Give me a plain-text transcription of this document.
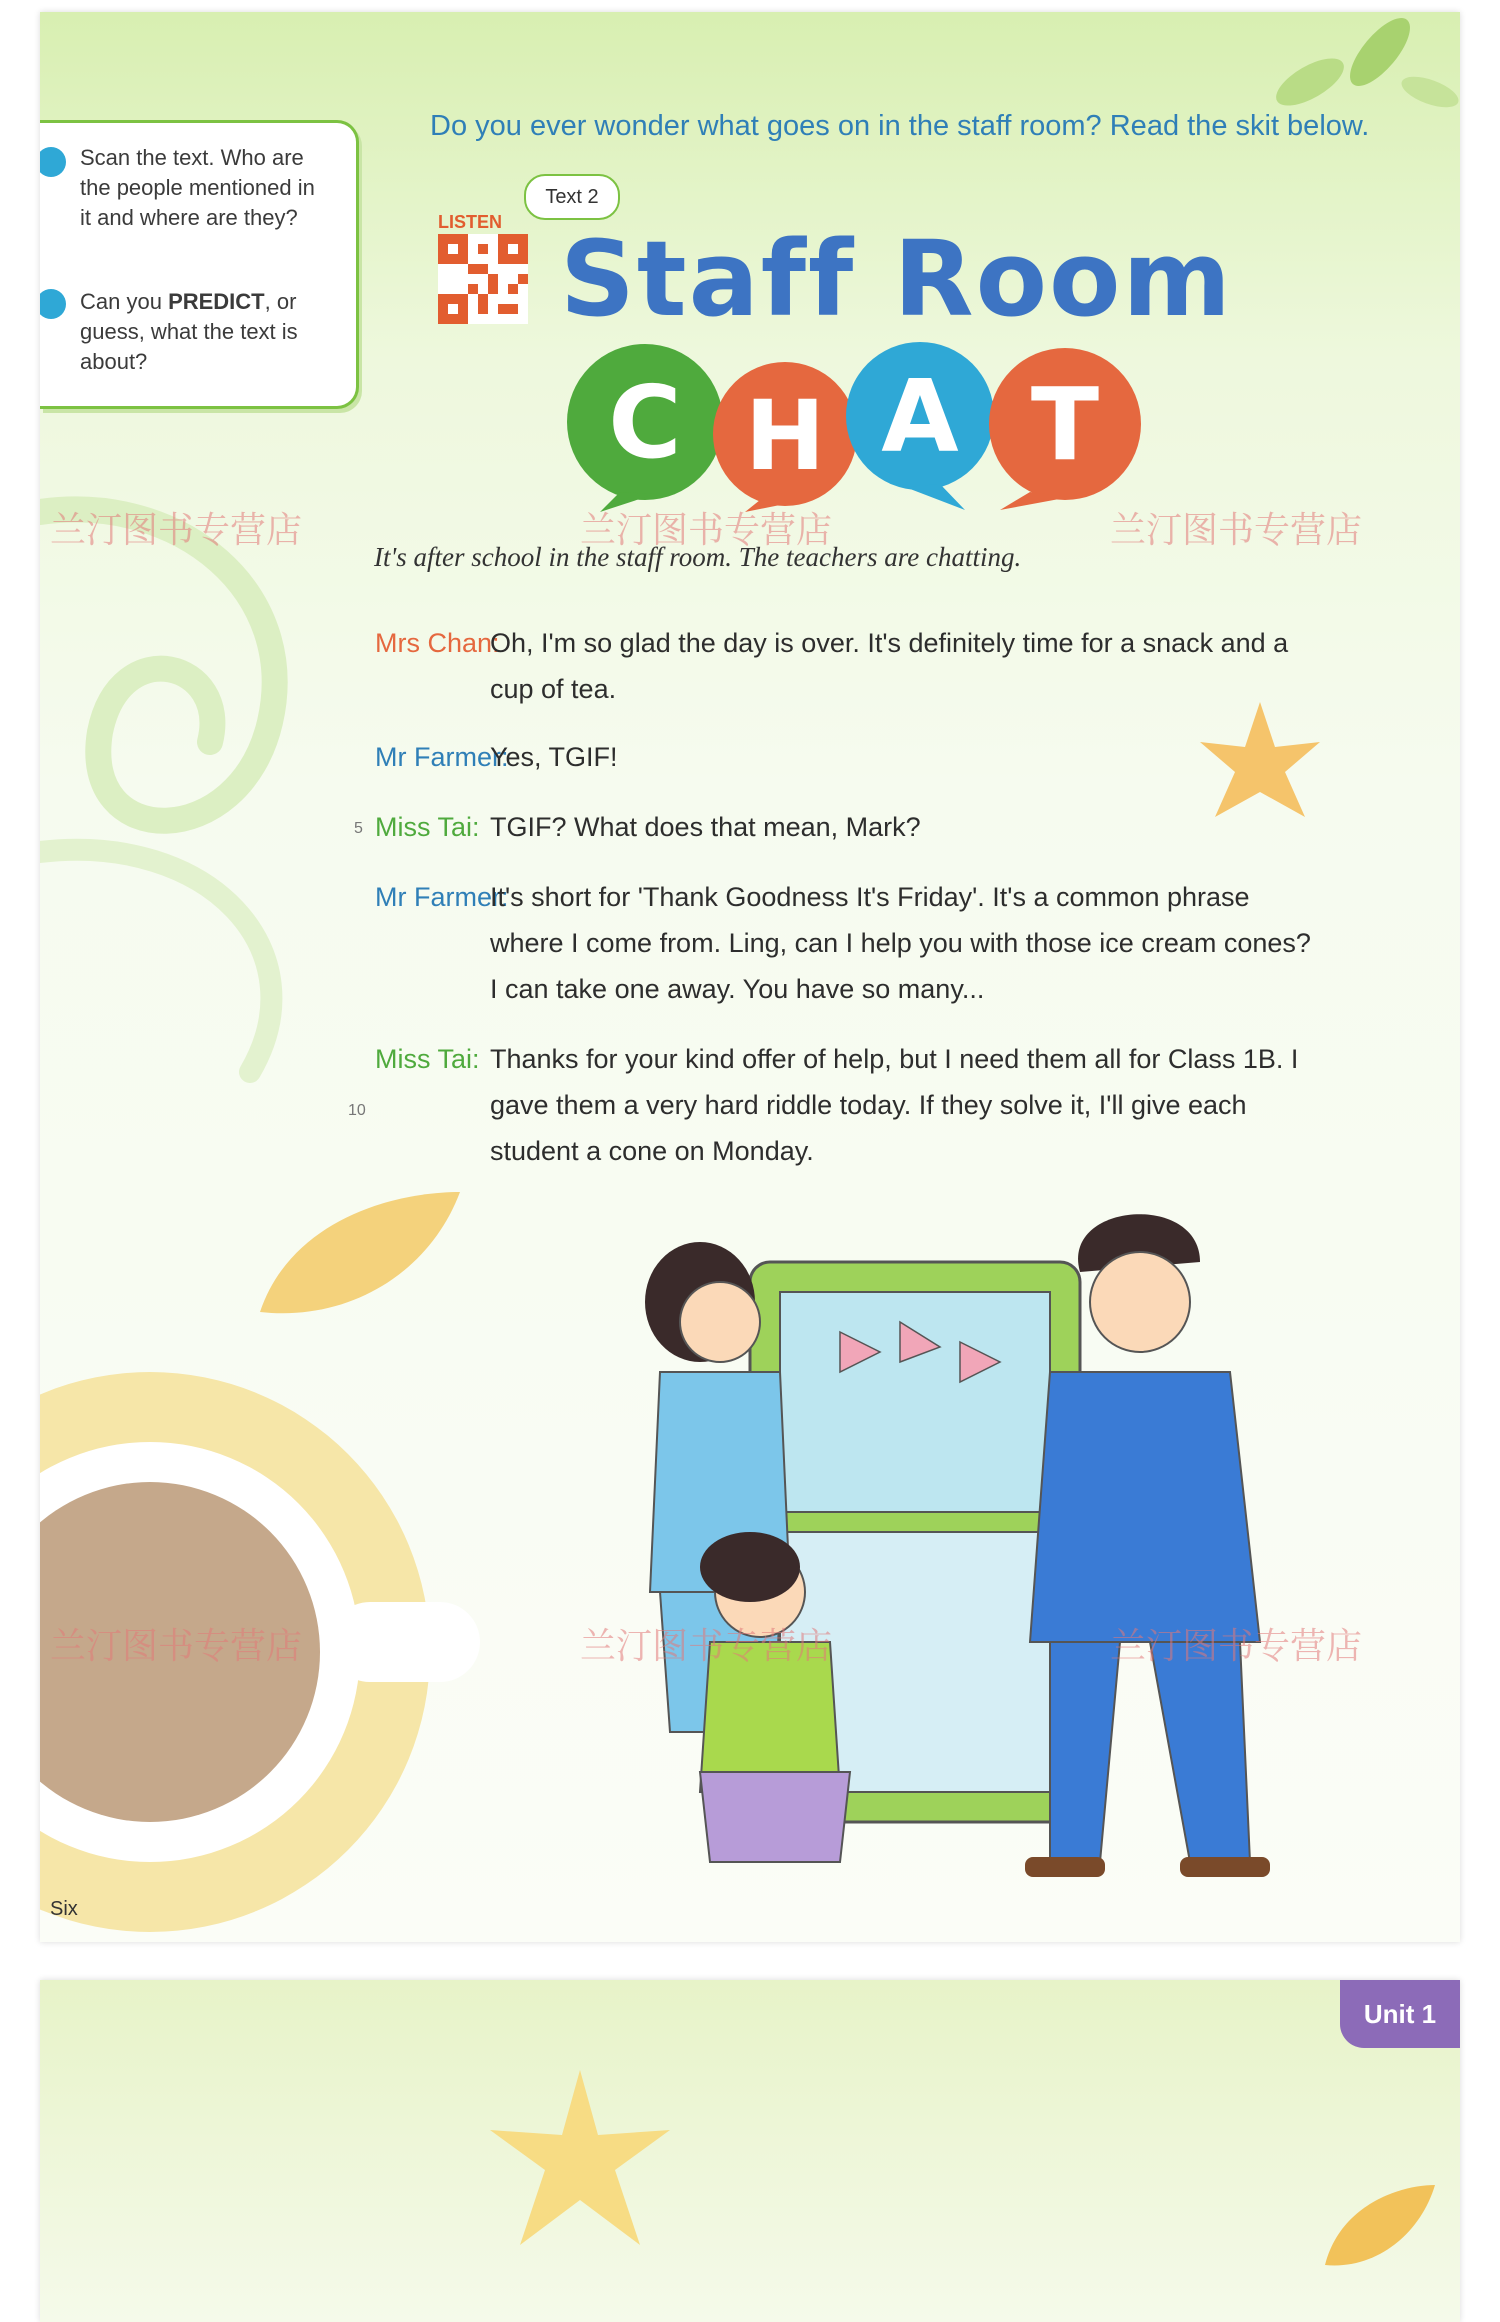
Scan the text. Who are the people mentioned in it and where are they?
Can you PREDICT, or guess, what the text is about?
Do you ever wonder what goes on in the staff room? Read the skit below.
LISTEN
Text 2
Staff Room
C H A T
兰汀图书专营店	兰汀图书专营店	兰汀图书专营店
It's after school in the staff room. The teachers are chatting.
Mrs Chan:
Oh, I'm so glad the day is over. It's definitely time for a snack and a cup of tea.
Mr Farmer:
Yes, TGIF!
5 Miss Tai: TGIF? What does that mean, Mark?
Mr Farmer:
It's short for 'Thank Goodness It's Friday'. It's a common phrase where I come from. Ling, can I help you with those ice cream cones? I can take one away. You have so many...
10
Miss Tai: Thanks for your kind offer of help, but I need them all for Class 1B. I gave them a very hard riddle today. If they solve it, I'll give each student a cone on Monday.
Six
兰汀图书专营店	兰汀图书专营店	兰汀图书专营店
Unit 1
